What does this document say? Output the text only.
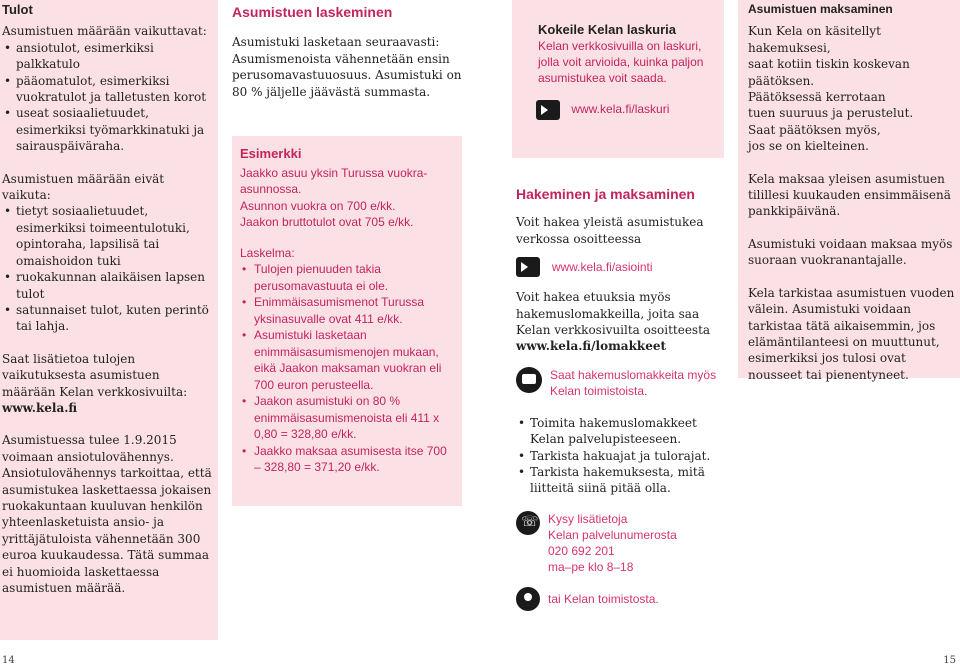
Tulot

Asumistuen määrään vaikuttavat:

• ansiotulot, esimerkiksi palkkatulo
• pääomatulot, esimerkiksi vuokratulot ja talletusten korot
• useat sosiaalietuudet, esimerkiksi työmarkkinatuki ja sairauspäiväraha.

Asumistuen määrään eivät vaikuta:

• tietyt sosiaalietuudet, esimerkiksi toimeentulotuki, opintoraha, lapsilisä tai omaishoidon tuki
• ruokakunnan alaikäisen lapsen tulot
• satunnaiset tulot, kuten perintö tai lahja.

Saat lisätietoa tulojen vaikutuksesta asumistuen määrään Kelan verkkosivuilta: www.kela.fi

Asumistuessa tulee 1.9.2015 voimaan ansiotulovähennys.

Ansiotulovähennys tarkoittaa, että asumistukea laskettaessa jokaisen ruokakuntaan kuuluvan henkilön yhteenlasketuista ansio- ja yrittäjätuloista vähennetään 300 euroa kuukaudessa. Tätä summaa ei huomioida laskettaessa asumistuen määrää.

Asumistuen laskeminen

Asumistuki lasketaan seuraavasti: Asumismenoista vähennetään ensin perusomavastuuosuus. Asumistuki on 80 % jäljelle jäävästä summasta.

Esimerkki
Jaakko asuu yksin Turussa vuokra-asunnossa.
Asunnon vuokra on 700 e/kk.
Jaakon bruttotulot ovat 705 e/kk.
Laskelma:
• Tulojen pienuuden takia perusomavastuuta ei ole.
• Enimmäisasumismenot Turussa yksinasuvalle ovat 411 e/kk.
• Asumistuki lasketaan enimmäisasumismenojen mukaan, eikä Jaakon maksaman vuokran eli 700 euron perusteella.
• Jaakon asumistuki on 80 % enimmäisasumismenoista eli 411 x 0,80 = 328,80 e/kk.
• Jaakko maksaa asumisesta itse 700 – 328,80 = 371,20 e/kk.
Kokeile Kelan laskuria
Kelan verkkosivuilla on laskuri, jolla voit arvioida, kuinka paljon asumistukea voit saada.
www.kela.fi/laskuri
Hakeminen ja maksaminen

Voit hakea yleistä asumistukea verkossa osoitteessa

www.kela.fi/asiointi

Voit hakea etuuksia myös hakemuslomakkeilla, joita saa Kelan verkkosivuilta osoitteesta www.kela.fi/lomakkeet

Saat hakemuslomakkeita myös Kelan toimistoista.
• Toimita hakemuslomakkeet Kelan palvelupisteeseen.
• Tarkista hakuajat ja tulorajat.
• Tarkista hakemuksesta, mitä liitteitä siinä pitää olla.
☏
Kysy lisätietoja
Kelan palvelunumerosta
020 692 201
ma–pe klo 8–18
tai Kelan toimistosta.
Asumistuen maksaminen
Kun Kela on käsitellyt hakemuksesi,
saat kotiin tiskin koskevan päätöksen.
Päätöksessä kerrotaan
tuen suuruus ja perustelut.
Saat päätöksen myös,
jos se on kielteinen.

Kela maksaa yleisen asumistuen tilillesi kuukauden ensimmäisenä pankkipäivänä.

Asumistuki voidaan maksaa myös suoraan vuokranantajalle.

Kela tarkistaa asumistuen vuoden välein. Asumistuki voidaan tarkistaa tätä aikaisemmin, jos elämäntilanteesi on muuttunut, esimerkiksi jos tulosi ovat nousseet tai pienentyneet.

14	15
